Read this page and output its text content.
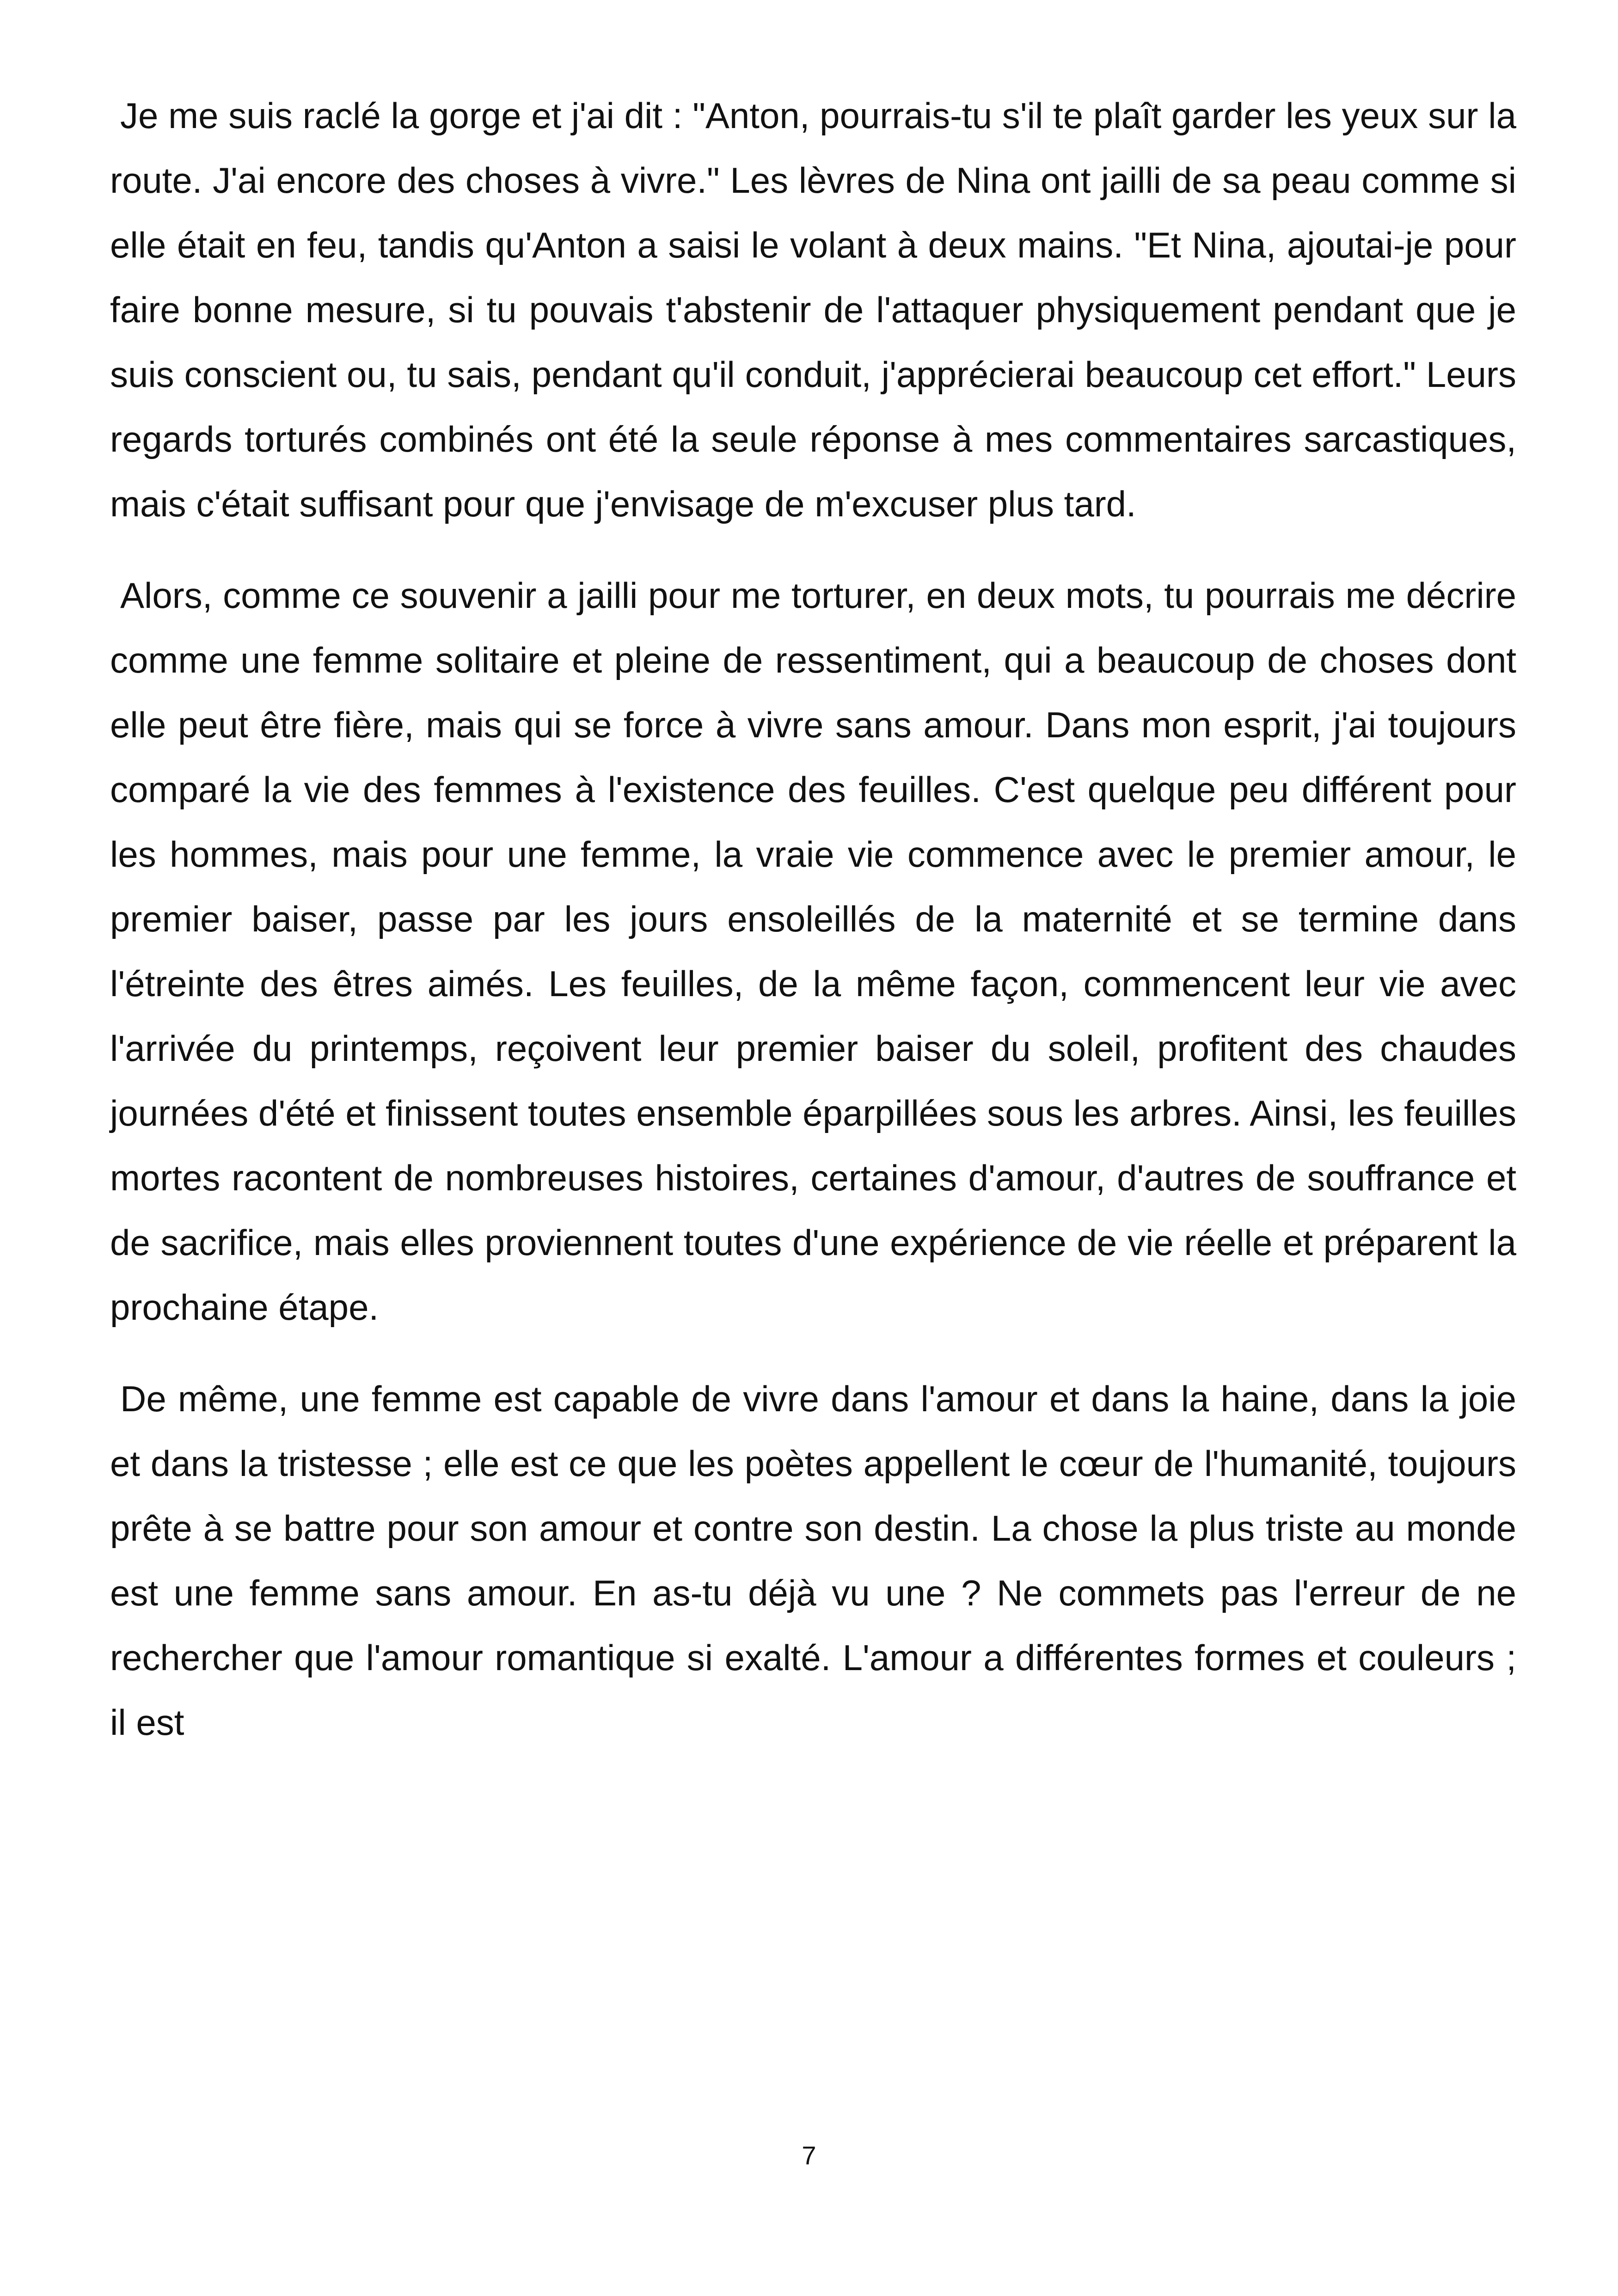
Je me suis raclé la gorge et j'ai dit : "Anton, pourrais-tu s'il te plaît garder les yeux sur la route. J'ai encore des choses à vivre." Les lèvres de Nina ont jailli de sa peau comme si elle était en feu, tandis qu'Anton a saisi le volant à deux mains. "Et Nina, ajoutai-je pour faire bonne mesure, si tu pouvais t'abstenir de l'attaquer physiquement pendant que je suis conscient ou, tu sais, pendant qu'il conduit, j'apprécierai beaucoup cet effort." Leurs regards torturés combinés ont été la seule réponse à mes commentaires sarcastiques, mais c'était suffisant pour que j'envisage de m'excuser plus tard.

Alors, comme ce souvenir a jailli pour me torturer, en deux mots, tu pourrais me décrire comme une femme solitaire et pleine de ressentiment, qui a beaucoup de choses dont elle peut être fière, mais qui se force à vivre sans amour. Dans mon esprit, j'ai toujours comparé la vie des femmes à l'existence des feuilles. C'est quelque peu différent pour les hommes, mais pour une femme, la vraie vie commence avec le premier amour, le premier baiser, passe par les jours ensoleillés de la maternité et se termine dans l'étreinte des êtres aimés. Les feuilles, de la même façon, commencent leur vie avec l'arrivée du printemps, reçoivent leur premier baiser du soleil, profitent des chaudes journées d'été et finissent toutes ensemble éparpillées sous les arbres. Ainsi, les feuilles mortes racontent de nombreuses histoires, certaines d'amour, d'autres de souffrance et de sacrifice, mais elles proviennent toutes d'une expérience de vie réelle et préparent la prochaine étape.

De même, une femme est capable de vivre dans l'amour et dans la haine, dans la joie et dans la tristesse ; elle est ce que les poètes appellent le cœur de l'humanité, toujours prête à se battre pour son amour et contre son destin. La chose la plus triste au monde est une femme sans amour. En as-tu déjà vu une ? Ne commets pas l'erreur de ne rechercher que l'amour romantique si exalté. L'amour a différentes formes et couleurs ; il est

7
